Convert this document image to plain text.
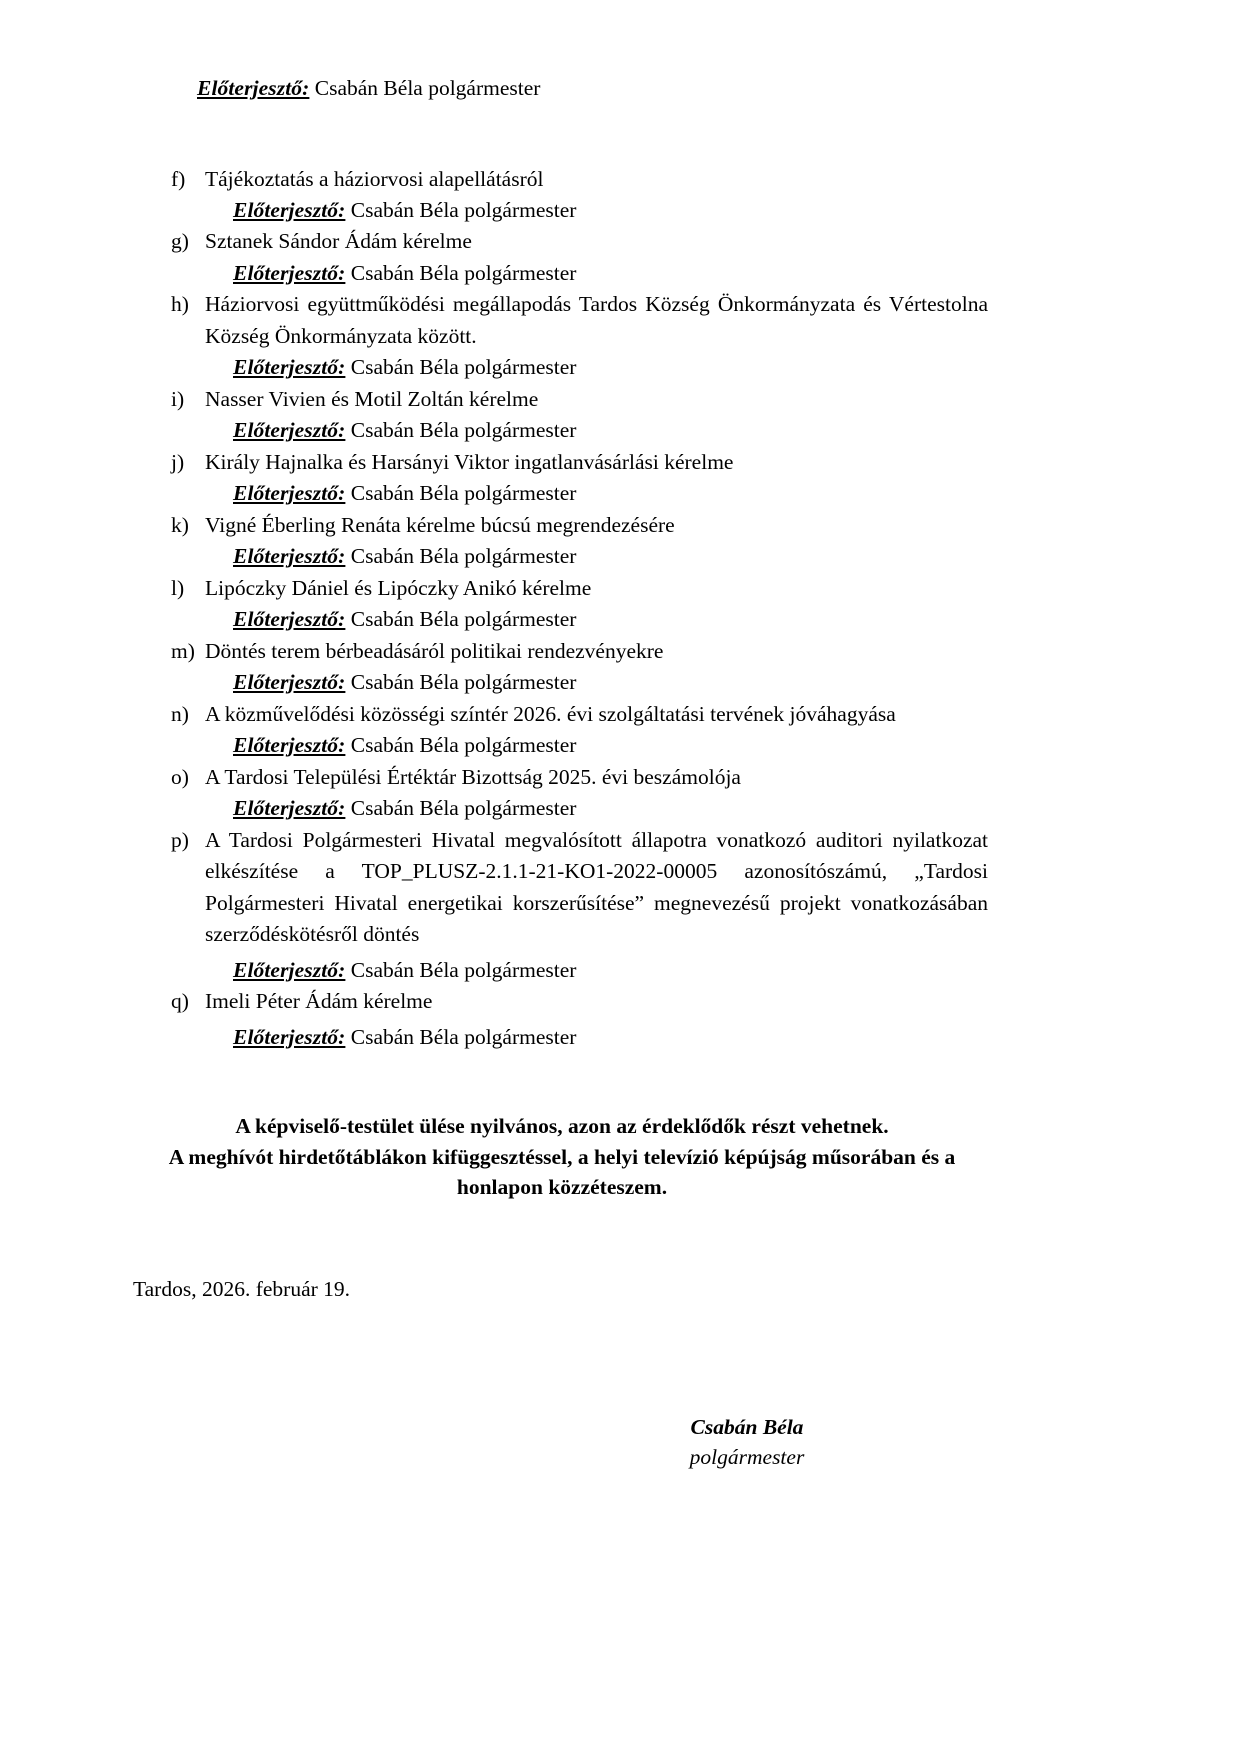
Előterjesztő: Csabán Béla polgármester
f) Tájékoztatás a háziorvosi alapellátásról
Előterjesztő: Csabán Béla polgármester
g) Sztanek Sándor Ádám kérelme
Előterjesztő: Csabán Béla polgármester
h) Háziorvosi együttműködési megállapodás Tardos Község Önkormányzata és Vértestolna Község Önkormányzata között.
Előterjesztő: Csabán Béla polgármester
i) Nasser Vivien és Motil Zoltán kérelme
Előterjesztő: Csabán Béla polgármester
j) Király Hajnalka és Harsányi Viktor ingatlanvásárlási kérelme
Előterjesztő: Csabán Béla polgármester
k) Vigné Éberling Renáta kérelme búcsú megrendezésére
Előterjesztő: Csabán Béla polgármester
l) Lipóczky Dániel és Lipóczky Anikó kérelme
Előterjesztő: Csabán Béla polgármester
m) Döntés terem bérbeadásáról politikai rendezvényekre
Előterjesztő: Csabán Béla polgármester
n) A közművelődési közösségi színtér 2026. évi szolgáltatási tervének jóváhagyása
Előterjesztő: Csabán Béla polgármester
o) A Tardosi Települési Értéktár Bizottság 2025. évi beszámolója
Előterjesztő: Csabán Béla polgármester
p) A Tardosi Polgármesteri Hivatal megvalósított állapotra vonatkozó auditori nyilatkozat elkészítése a TOP_PLUSZ-2.1.1-21-KO1-2022-00005 azonosítószámú, „Tardosi Polgármesteri Hivatal energetikai korszerűsítése” megnevezésű projekt vonatkozásában szerződéskötésről döntés
Előterjesztő: Csabán Béla polgármester
q) Imeli Péter Ádám kérelme
Előterjesztő: Csabán Béla polgármester
A képviselő-testület ülése nyilvános, azon az érdeklődők részt vehetnek.
A meghívót hirdetőtáblákon kifüggesztéssel, a helyi televízió képújság műsorában és a
honlapon közzéteszem.
Tardos, 2026. február 19.
Csabán Béla
polgármester
